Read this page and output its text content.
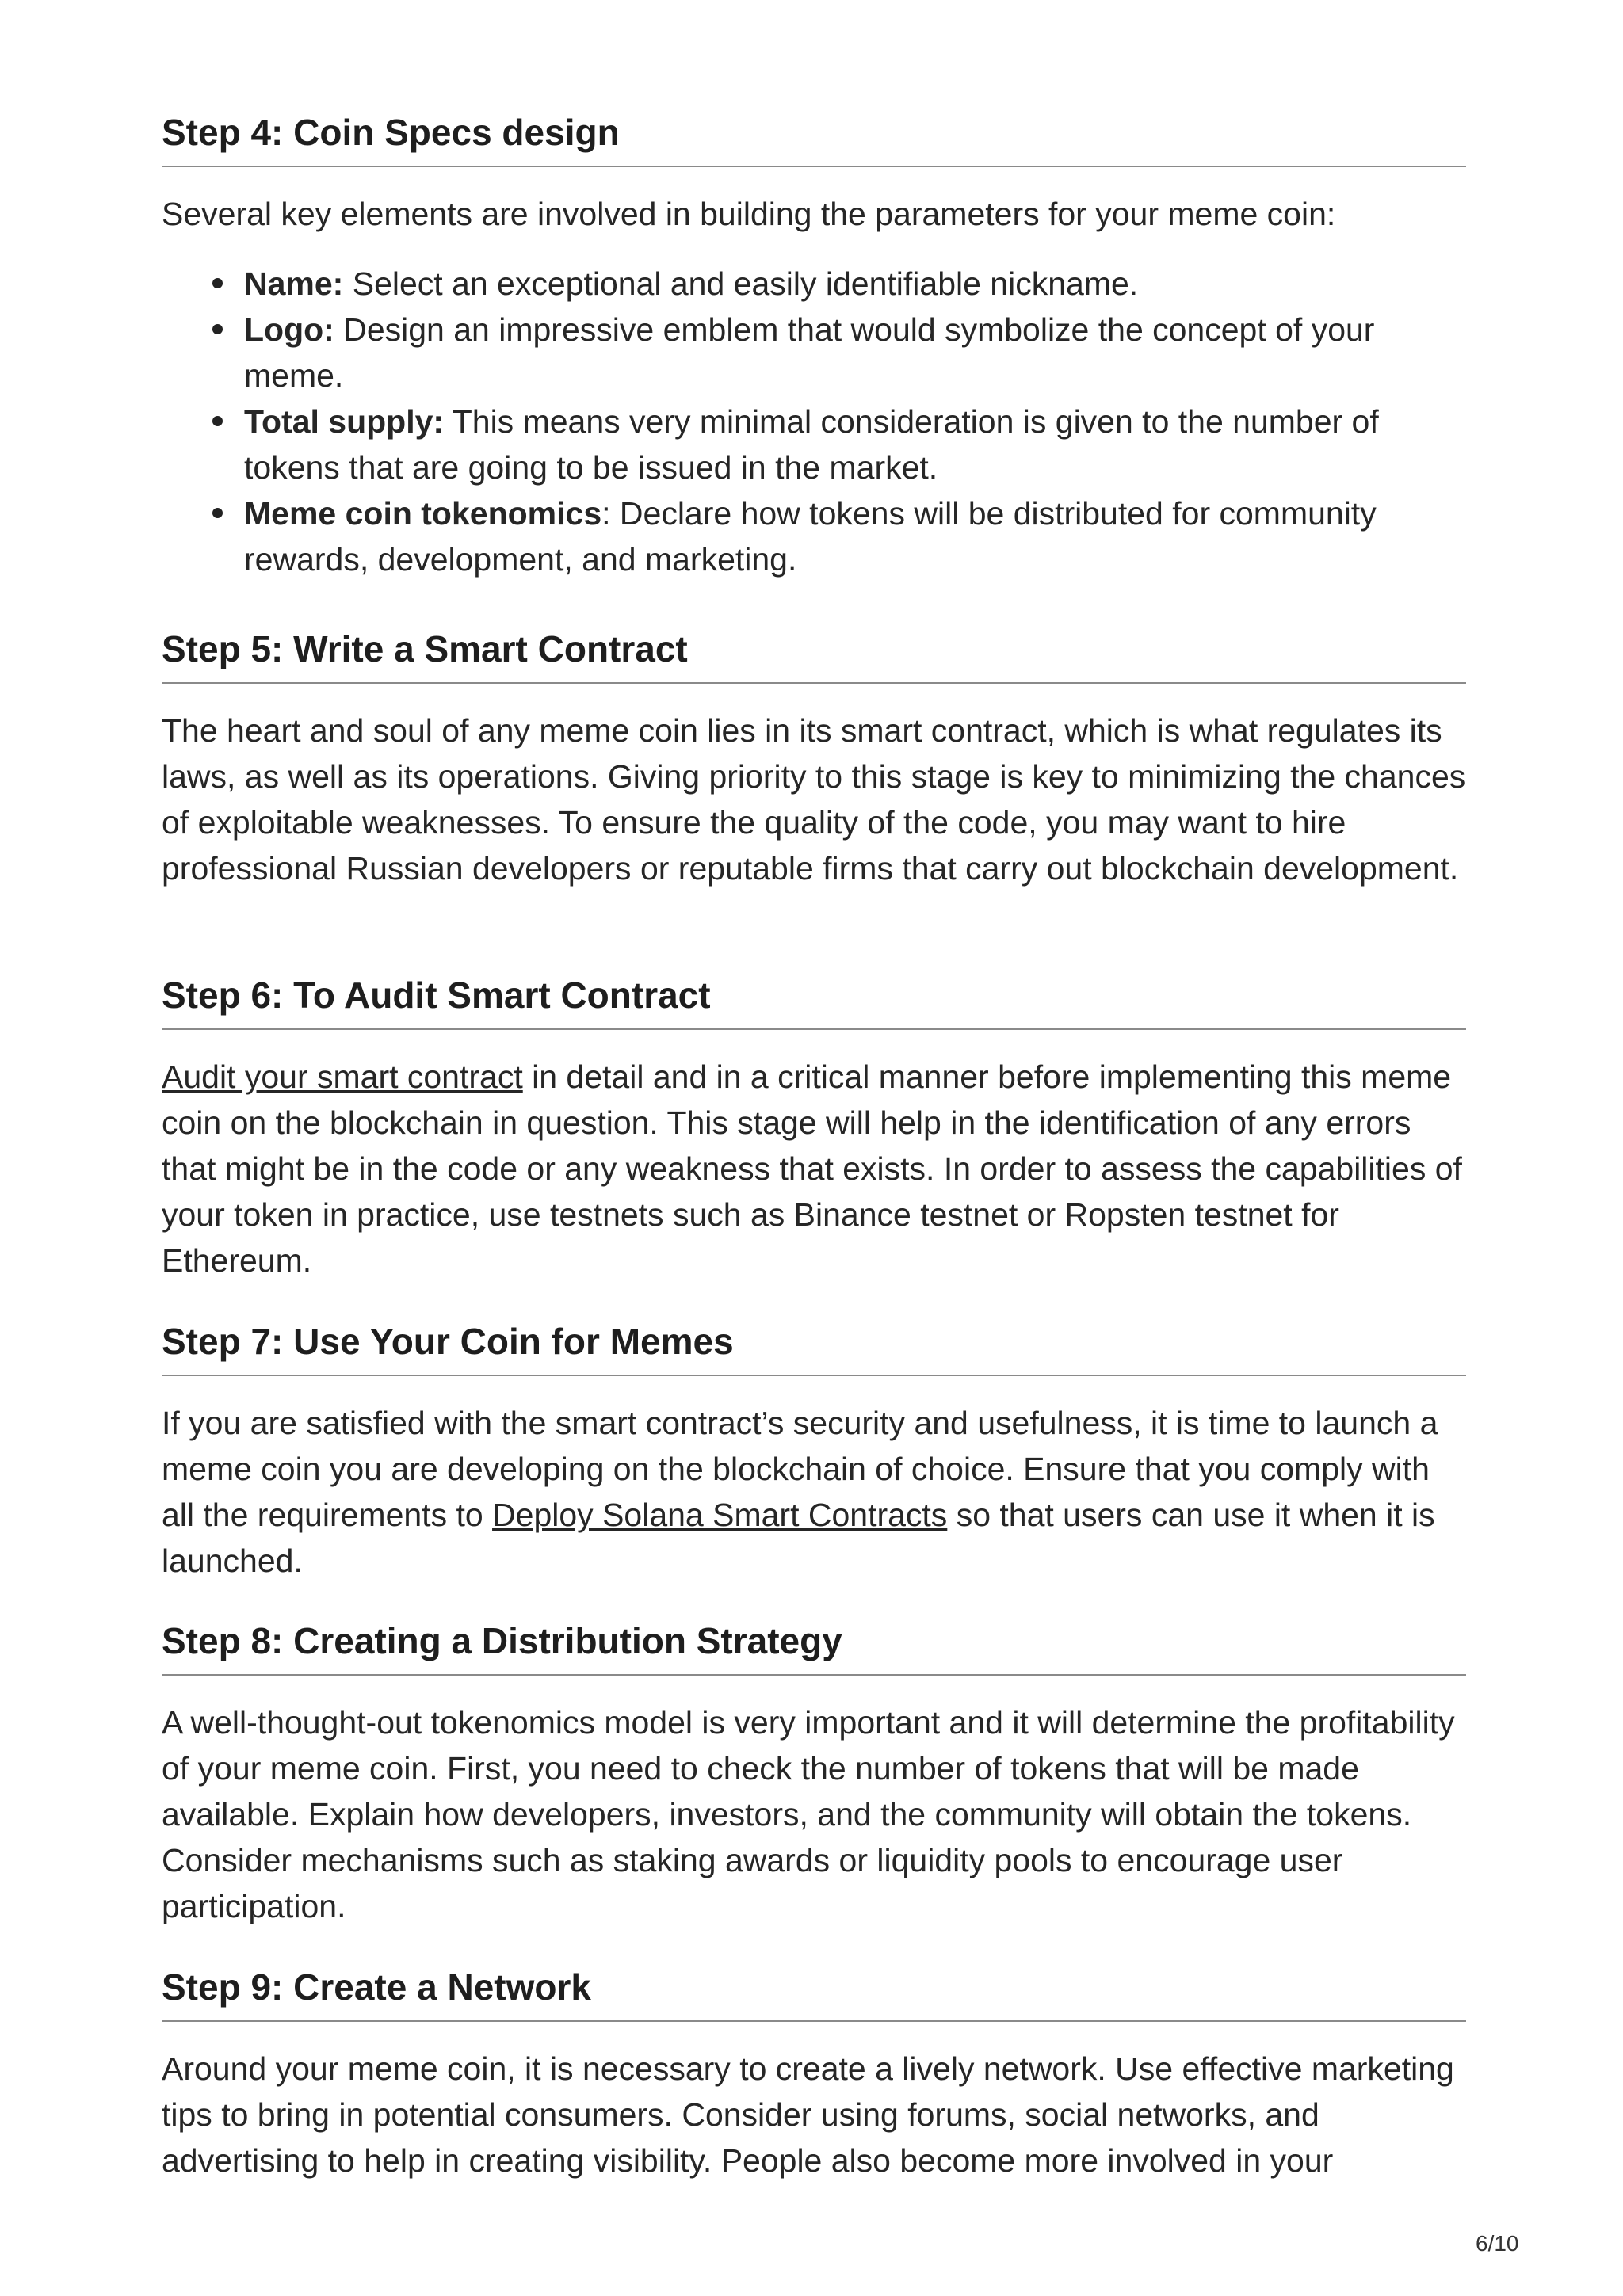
Step 4: Coin Specs design

Several key elements are involved in building the parameters for your meme coin:

Name: Select an exceptional and easily identifiable nickname.
Logo: Design an impressive emblem that would symbolize the concept of your meme.
Total supply: This means very minimal consideration is given to the number of tokens that are going to be issued in the market.
Meme coin tokenomics: Declare how tokens will be distributed for community rewards, development, and marketing.
Step 5: Write a Smart Contract

The heart and soul of any meme coin lies in its smart contract, which is what regulates its laws, as well as its operations. Giving priority to this stage is key to minimizing the chances of exploitable weaknesses. To ensure the quality of the code, you may want to hire professional Russian developers or reputable firms that carry out blockchain development.

Step 6: To Audit Smart Contract

Audit your smart contract in detail and in a critical manner before implementing this meme coin on the blockchain in question. This stage will help in the identification of any errors that might be in the code or any weakness that exists. In order to assess the capabilities of your token in practice, use testnets such as Binance testnet or Ropsten testnet for Ethereum.

Step 7: Use Your Coin for Memes

If you are satisfied with the smart contract’s security and usefulness, it is time to launch a meme coin you are developing on the blockchain of choice. Ensure that you comply with all the requirements to Deploy Solana Smart Contracts so that users can use it when it is launched.

Step 8: Creating a Distribution Strategy

A well-thought-out tokenomics model is very important and it will determine the profitability of your meme coin. First, you need to check the number of tokens that will be made available. Explain how developers, investors, and the community will obtain the tokens. Consider mechanisms such as staking awards or liquidity pools to encourage user participation.

Step 9: Create a Network

Around your meme coin, it is necessary to create a lively network. Use effective marketing tips to bring in potential consumers. Consider using forums, social networks, and advertising to help in creating visibility. People also become more involved in your

6/10
